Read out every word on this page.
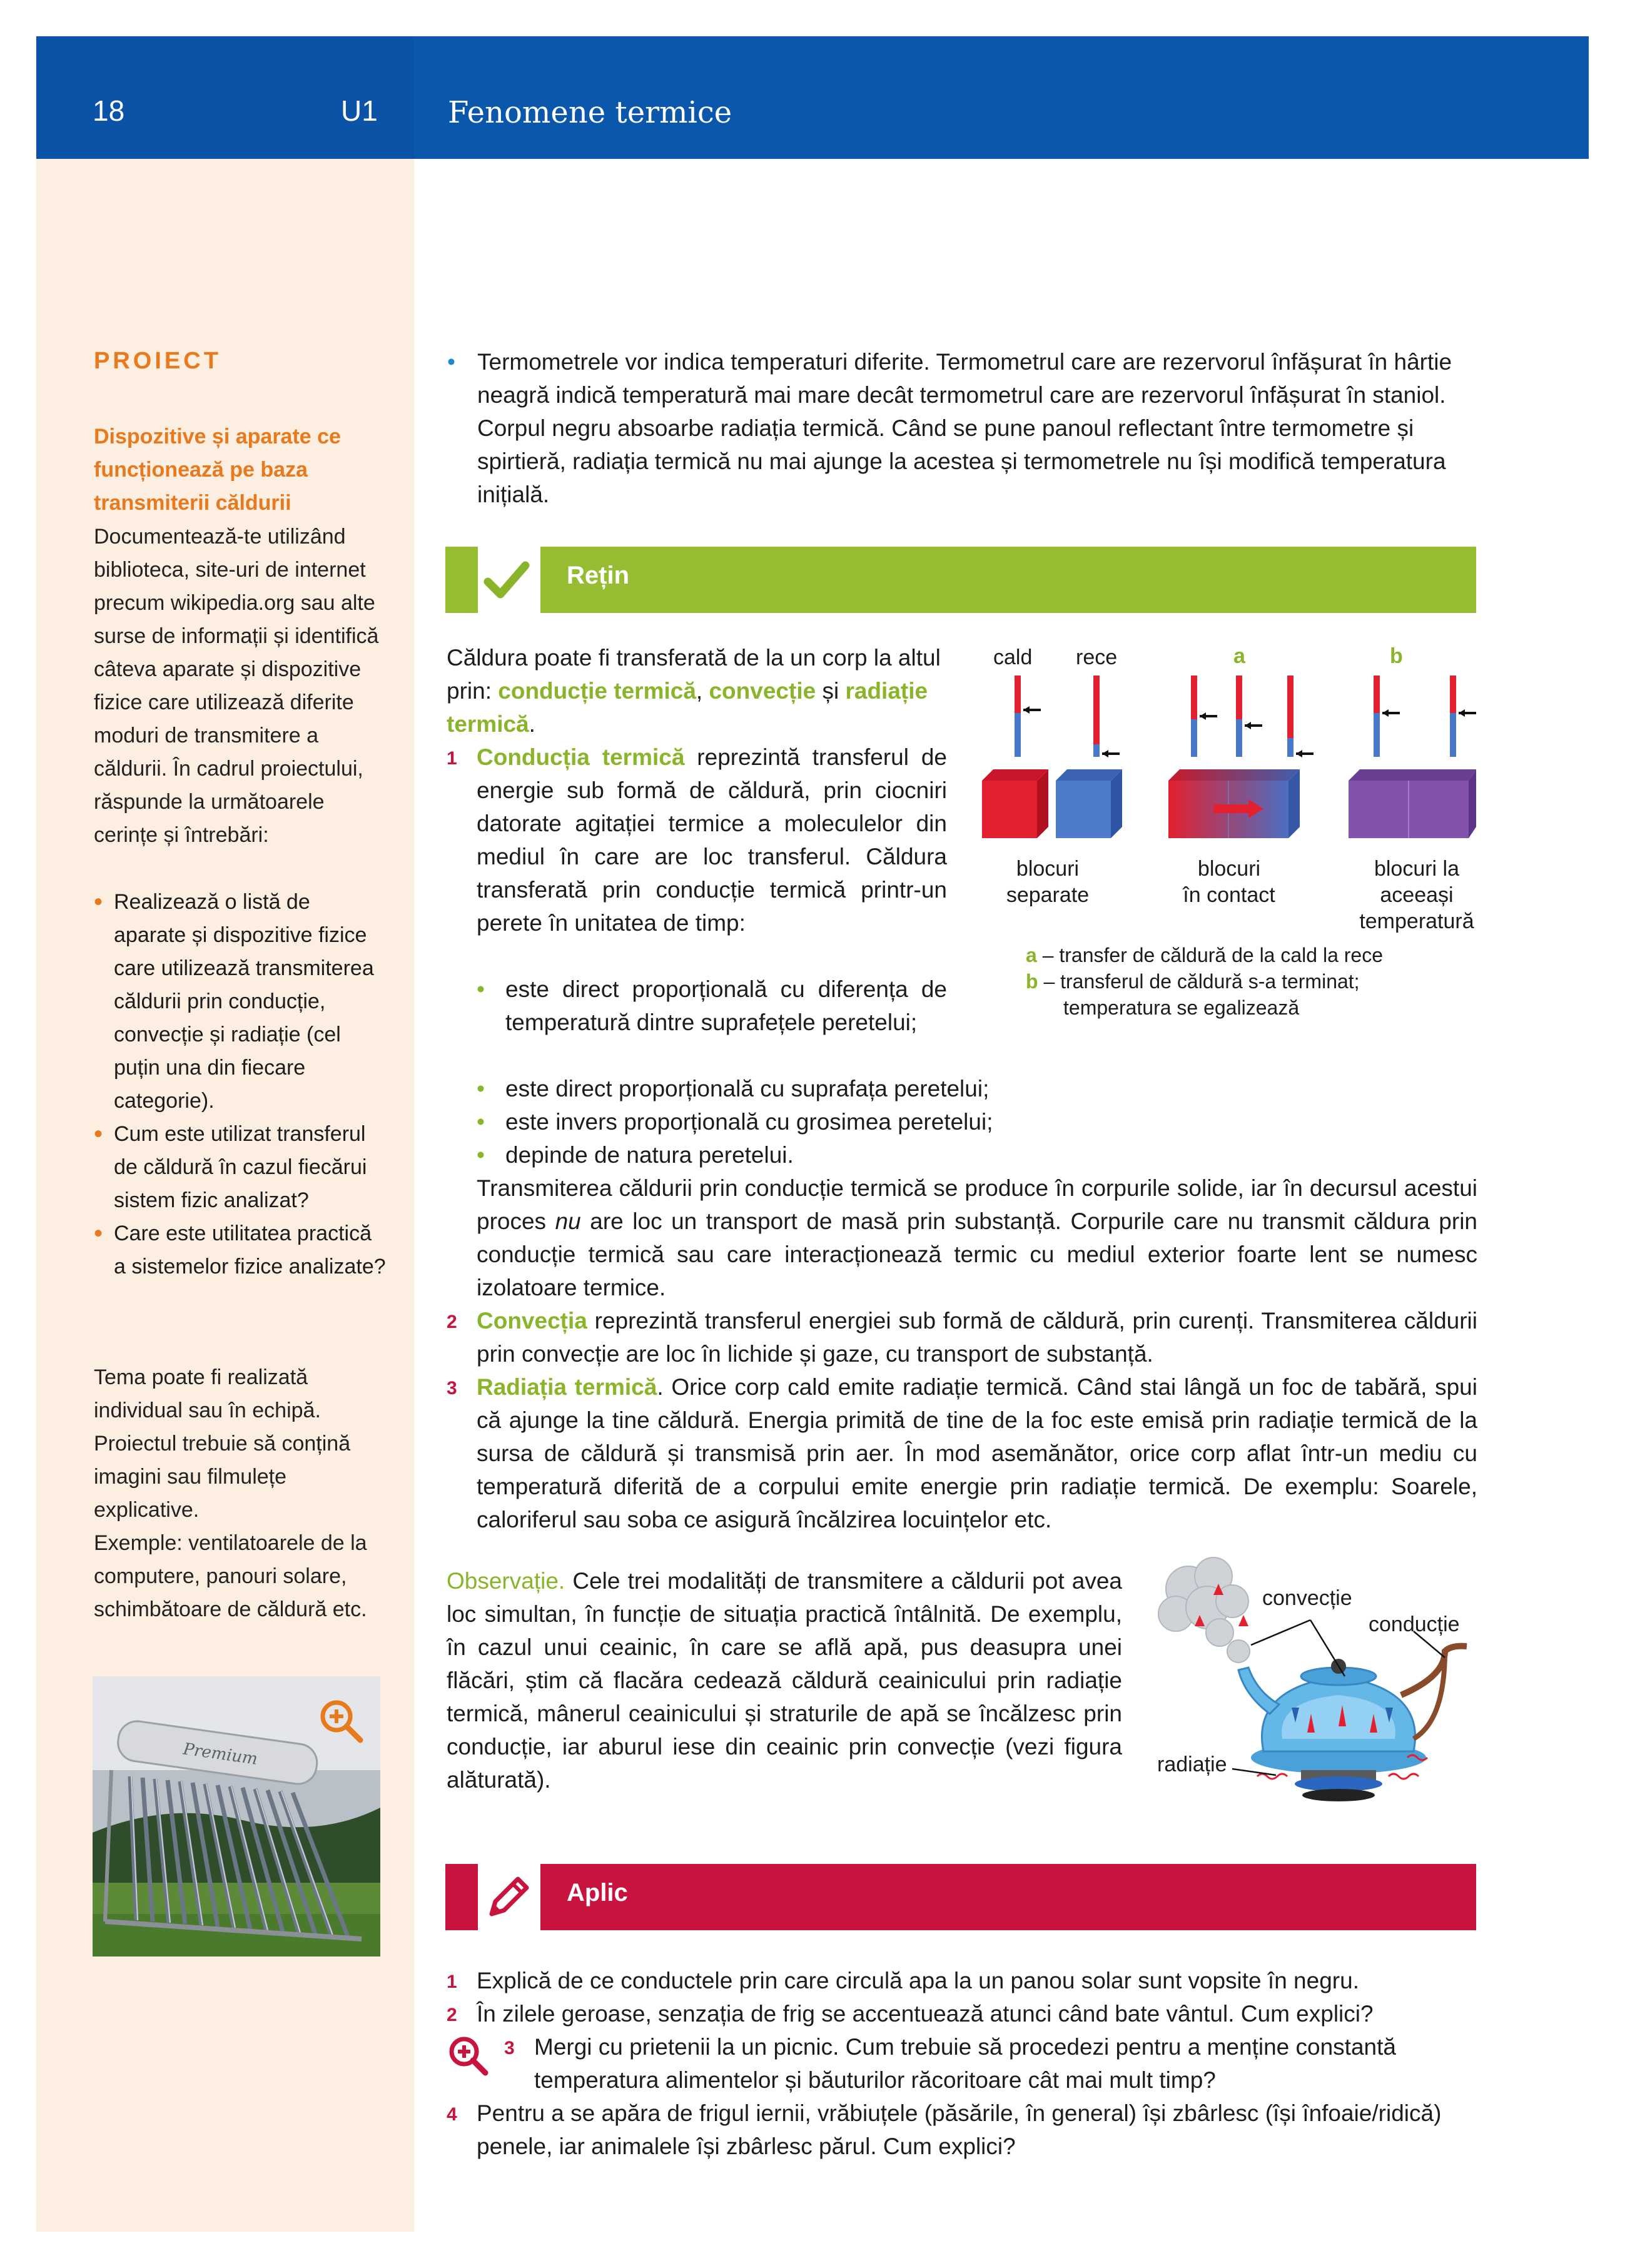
18	U1 Fenomene termice
PROIECT
Dispozitive și aparate ce funcționează pe baza transmiterii căldurii
Documentează-te utilizând biblioteca, site-uri de internet precum wikipedia.org sau alte surse de informații și identifică câteva aparate și dispozitive fizice care utilizează diferite moduri de transmitere a căldurii. În cadrul proiectului, răspunde la următoarele cerințe și întrebări:
• Realizează o listă de aparate și dispozitive fizice care utilizează transmiterea căldurii prin conducție, convecție și radiație (cel puțin una din fiecare categorie).
• Cum este utilizat transferul de căldură în cazul fiecărui sistem fizic analizat?
• Care este utilitatea practică a sistemelor fizice analizate?
Tema poate fi realizată individual sau în echipă. Proiectul trebuie să conțină imagini sau filmulețe explicative.
Exemple: ventilatoarele de la computere, panouri solare, schimbătoare de căldură etc.
Premium
• Termometrele vor indica temperaturi diferite. Termometrul care are rezervorul înfășurat în hârtie neagră indică temperatură mai mare decât termometrul care are rezervorul înfășurat în staniol. Corpul negru absoarbe radiația termică. Când se pune panoul reflectant între termometre și spirtieră, radiația termică nu mai ajunge la acestea și termometrele nu își modifică temperatura inițială.
Rețin
Căldura poate fi transferată de la un corp la altul prin: conducție termică, convecție și radiație termică.
1 Conducția termică reprezintă transferul de energie sub formă de căldură, prin ciocniri datorate agitației termice a moleculelor din mediul în care are loc transferul. Căldura transferată prin conducție termică printr-un perete în unitatea de timp:
• este direct proporțională cu diferența de temperatură dintre suprafețele peretelui;
• este direct proporțională cu suprafața peretelui;
• este invers proporțională cu grosimea peretelui;
• depinde de natura peretelui.
Transmiterea căldurii prin conducție termică se produce în corpurile solide, iar în decursul acestui proces nu are loc un transport de masă prin substanță. Corpurile care nu transmit căldura prin conducție termică sau care interacționează termic cu mediul exterior foarte lent se numesc izolatoare termice.
2 Convecția reprezintă transferul energiei sub formă de căldură, prin curenți. Transmiterea căldurii prin convecție are loc în lichide și gaze, cu transport de substanță.
3 Radiația termică. Orice corp cald emite radiație termică. Când stai lângă un foc de tabără, spui că ajunge la tine căldură. Energia primită de tine de la foc este emisă prin radiație termică de la sursa de căldură și transmisă prin aer. În mod asemănător, orice corp aflat într-un mediu cu temperatură diferită de a corpului emite energie prin radiație termică. De exemplu: Soarele, caloriferul sau soba ce asigură încălzirea locuințelor etc.
cald rece	a	b
blocuri
separate
blocuri
în contact
blocuri la
aceeași
temperatură
a – transfer de căldură de la cald la rece
b – transferul de căldură s-a terminat;
temperatura se egalizează
Observație. Cele trei modalități de transmitere a căldurii pot avea loc simultan, în funcție de situația practică întâlnită. De exemplu, în cazul unui ceainic, în care se află apă, pus deasupra unei flăcări, știm că flacăra cedează căldură ceainicului prin radiație termică, mânerul ceainicului și straturile de apă se încălzesc prin conducție, iar aburul iese din ceainic prin convecție (vezi figura alăturată).
convecție
conducție
radiație
Aplic
1 Explică de ce conductele prin care circulă apa la un panou solar sunt vopsite în negru.
2 În zilele geroase, senzația de frig se accentuează atunci când bate vântul. Cum explici?
3 Mergi cu prietenii la un picnic. Cum trebuie să procedezi pentru a menține constantă temperatura alimentelor și băuturilor răcoritoare cât mai mult timp?
4 Pentru a se apăra de frigul iernii, vrăbiuțele (păsările, în general) își zbârlesc (își înfoaie/ridică) penele, iar animalele își zbârlesc părul. Cum explici?
